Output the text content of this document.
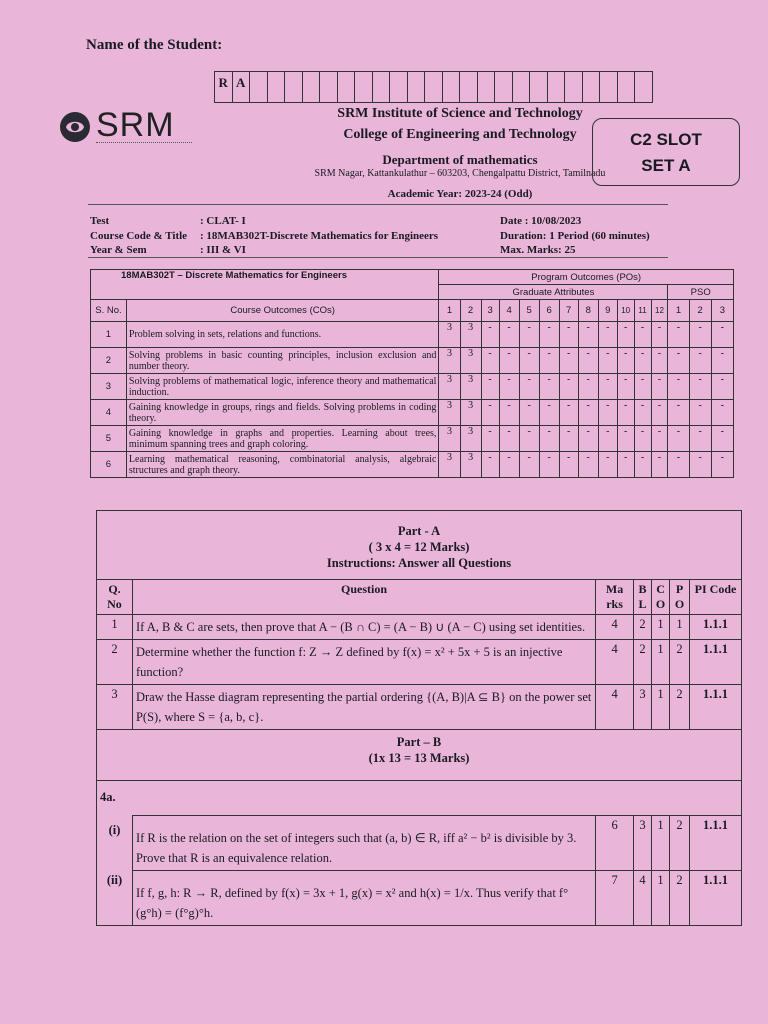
Name of the Student:
R A
SRM	SRM Institute of Science and Technology
College of Engineering and Technology
Department of mathematics
SRM Nagar, Kattankulathur – 603203, Chengalpattu District, Tamilnadu
Academic Year: 2023-24 (Odd)
C2 SLOT
SET A
Test	: CLAT- I
Course Code & Title : 18MAB302T-Discrete Mathematics for Engineers
Year & Sem	: III & VI
Date : 10/08/2023
Duration: 1 Period (60 minutes)
Max. Marks: 25
18MAB302T – Discrete Mathematics for Engineers		Program Outcomes (POs)														
		Graduate Attributes												PSO		
S. No.	Course Outcomes (COs)	1	2	3	4	5	6	7	8	9	10	11	12	1	2	3
1	Problem solving in sets, relations and functions.	3	3	-	-	-	-	-	-	-	-	-	-	-	-	-
2	Solving problems in basic counting principles, inclusion exclusion and number theory.	3	3	-	-	-	-	-	-	-	-	-	-	-	-	-
3	Solving problems of mathematical logic, inference theory and mathematical induction.	3	3	-	-	-	-	-	-	-	-	-	-	-	-	-
4	Gaining knowledge in groups, rings and fields. Solving problems in coding theory.	3	3	-	-	-	-	-	-	-	-	-	-	-	-	-
5	Gaining knowledge in graphs and properties. Learning about trees, minimum spanning trees and graph coloring.	3	3	-	-	-	-	-	-	-	-	-	-	-	-	-
6	Learning mathematical reasoning, combinatorial analysis, algebraic structures and graph theory.	3	3	-	-	-	-	-	-	-	-	-	-	-	-	-
Part - A
( 3 x 4 = 12 Marks)
Instructions: Answer all Questions						

Q. No	Question	Ma rks	B L	C O	P O	PI Code
1	If A, B & C are sets, then prove that A − (B ∩ C) = (A − B) ∪ (A − C) using set identities.	4	2	1	1	1.1.1
2	Determine whether the function f: Z → Z defined by f(x) = x² + 5x + 5 is an injective function?	4	2	1	2	1.1.1
3	Draw the Hasse diagram representing the partial ordering {(A, B)|A ⊆ B} on the power set P(S), where S = {a, b, c}.	4	3	1	2	1.1.1

Part – B
(1x 13 = 13 Marks)						

4a.
(i)	If R is the relation on the set of integers such that (a, b) ∈ R, iff a² − b² is divisible by 3. Prove that R is an equivalence relation.	6	3	1	2	1.1.1
(ii)	If f, g, h: R → R, defined by f(x) = 3x + 1, g(x) = x² and h(x) = 1/x. Thus verify that f°(g°h) = (f°g)°h.	7	4	1	2	1.1.1
